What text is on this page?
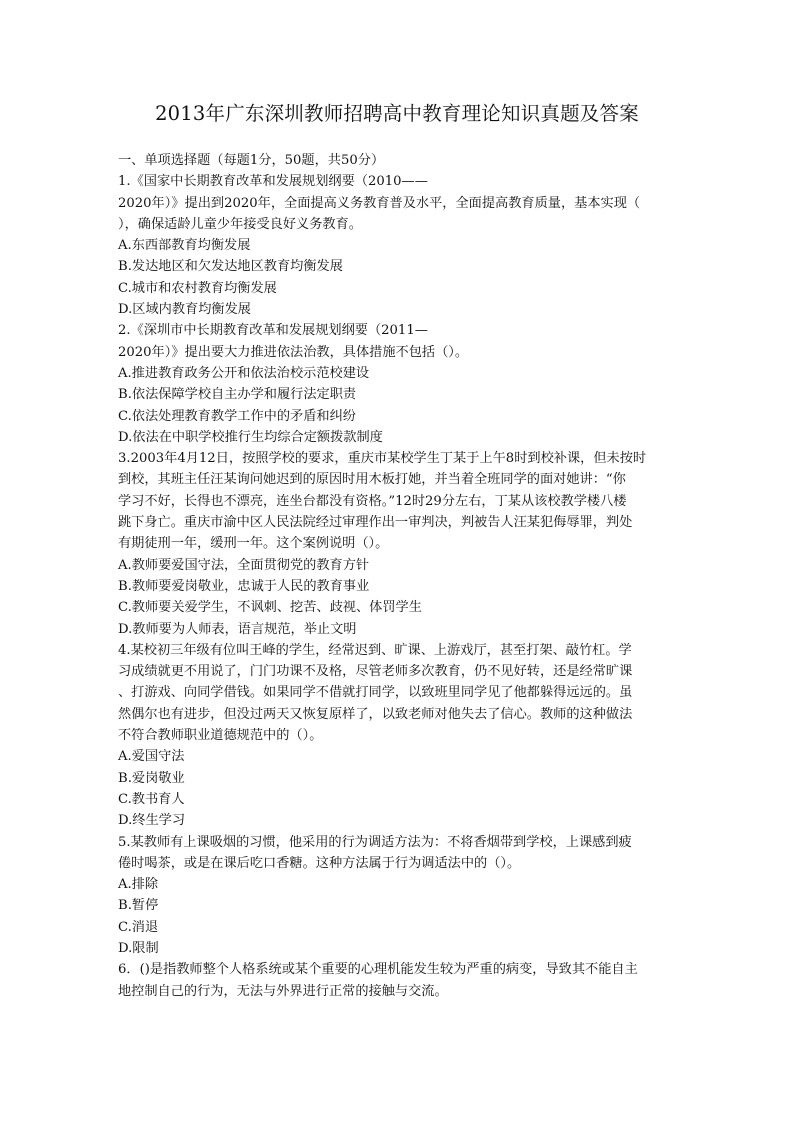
2013年广东深圳教师招聘高中教育理论知识真题及答案
一、单项选择题（每题1分，50题，共50分）
1.《国家中长期教育改革和发展规划纲要（2010——
2020年）》提出到2020年，全面提高义务教育普及水平，全面提高教育质量，基本实现（
），确保适龄儿童少年接受良好义务教育。
A.东西部教育均衡发展
B.发达地区和欠发达地区教育均衡发展
C.城市和农村教育均衡发展
D.区域内教育均衡发展
2.《深圳市中长期教育改革和发展规划纲要（2011—
2020年）》提出要大力推进依法治教，具体措施不包括（）。
A.推进教育政务公开和依法治校示范校建设
B.依法保障学校自主办学和履行法定职责
C.依法处理教育教学工作中的矛盾和纠纷
D.依法在中职学校推行生均综合定额拨款制度
3.2003年4月12日，按照学校的要求，重庆市某校学生丁某于上午8时到校补课，但未按时
到校，其班主任汪某询问她迟到的原因时用木板打她，并当着全班同学的面对她讲：“你
学习不好，长得也不漂亮，连坐台都没有资格。”12时29分左右，丁某从该校教学楼八楼
跳下身亡。重庆市渝中区人民法院经过审理作出一审判决，判被告人汪某犯侮辱罪，判处
有期徒刑一年，缓刑一年。这个案例说明（）。
A.教师要爱国守法，全面贯彻党的教育方针
B.教师要爱岗敬业，忠诚于人民的教育事业
C.教师要关爱学生，不讽刺、挖苦、歧视、体罚学生
D.教师要为人师表，语言规范，举止文明
4.某校初三年级有位叫王峰的学生，经常迟到、旷课、上游戏厅，甚至打架、敲竹杠。学
习成绩就更不用说了，门门功课不及格，尽管老师多次教育，仍不见好转，还是经常旷课
、打游戏、向同学借钱。如果同学不借就打同学，以致班里同学见了他都躲得远远的。虽
然偶尔也有进步，但没过两天又恢复原样了，以致老师对他失去了信心。教师的这种做法
不符合教师职业道德规范中的（）。
A.爱国守法
B.爱岗敬业
C.教书育人
D.终生学习
5.某教师有上课吸烟的习惯，他采用的行为调适方法为：不将香烟带到学校，上课感到疲
倦时喝茶，或是在课后吃口香糖。这种方法属于行为调适法中的（）。
A.排除
B.暂停
C.消退
D.限制
6．()是指教师整个人格系统或某个重要的心理机能发生较为严重的病变，导致其不能自主
地控制自己的行为，无法与外界进行正常的接触与交流。
